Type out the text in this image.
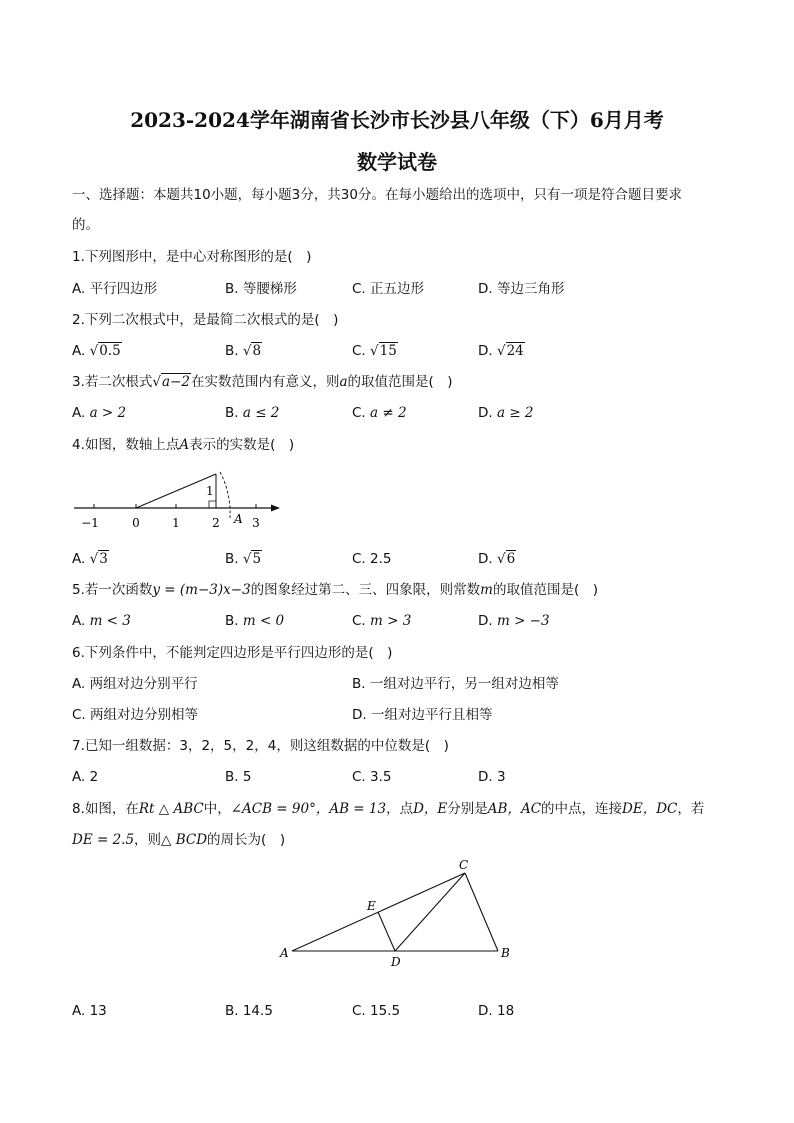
2023-2024学年湖南省长沙市长沙县八年级（下）6月月考
数学试卷
一、选择题：本题共10小题，每小题3分，共30分。在每小题给出的选项中，只有一项是符合题目要求
的。
1.下列图形中，是中心对称图形的是(　)
A. 平行四边形	B. 等腰梯形	C. 正五边形	D. 等边三角形
2.下列二次根式中，是最简二次根式的是(　)
A. √0.5	B. √8	C. √15	D. √24
3.若二次根式√a−2在实数范围内有意义，则a的取值范围是(　)
A. a > 2	B. a ≤ 2	C. a ≠ 2	D. a ≥ 2
4.如图，数轴上点A表示的实数是(　)
−1	0	1	2	3
1
A
A. √3	B. √5	C. 2.5	D. √6
5.若一次函数y = (m−3)x−3的图象经过第二、三、四象限，则常数m的取值范围是(　)
A. m < 3	B. m < 0	C. m > 3	D. m > −3
6.下列条件中，不能判定四边形是平行四边形的是(　)
A. 两组对边分别平行	B. 一组对边平行，另一组对边相等
C. 两组对边分别相等	D. 一组对边平行且相等
7.已知一组数据：3，2，5，2，4，则这组数据的中位数是(　)
A. 2	B. 5	C. 3.5	D. 3
8.如图，在Rt △ ABC中，∠ACB = 90°，AB = 13，点D，E分别是AB，AC的中点，连接DE，DC，若
DE = 2.5，则△ BCD的周长为(　)
A	B
C
D
E
A. 13	B. 14.5	C. 15.5	D. 18
